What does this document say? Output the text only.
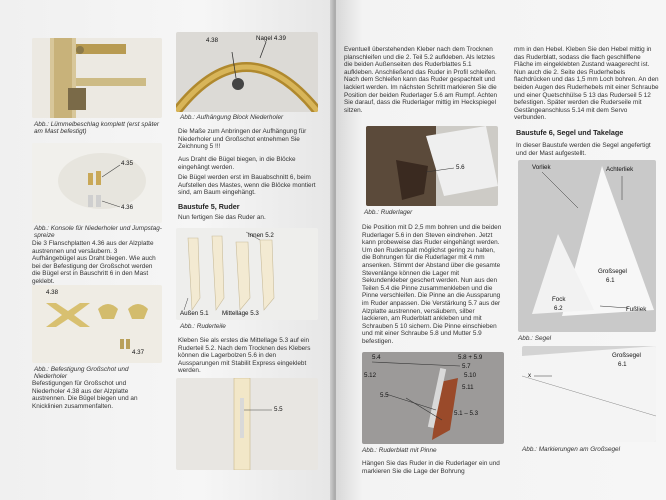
Abb.: Lümmelbeschlag komplett (erst später am Mast befestigt)
4.35
4.36
Abb.: Konsole für Niederholer und Jumpstag-spreize
Die 3 Flanschplatten 4.36 aus der Alzplatte austrennen und versäubern. 3 Aufhängebügel aus Draht biegen. Wie auch bei der Befestigung der Großschot werden die Bügel erst in Bauschritt 6 in den Mast geklebt.
4.38
4.37
Abb.: Befestigung Großschot und Niederholer
Befestigungen für Großschot und Niederholer 4.38 aus der Alzplatte austrennen. Die Bügel biegen und an Knicklinien zusammenfalten.
4.38	Nagel 4.39
Abb.: Aufhängung Block Niederholer
Die Maße zum Anbringen der Aufhängung für Niederholer und Großschot entnehmen Sie Zeichnung 5 !!!
Aus Draht die Bügel biegen, in die Blöcke eingehängt werden.
Die Bügel werden erst im Bauabschnitt 6, beim Aufstellen des Mastes, wenn die Blöcke montiert sind, am Baum eingehängt.
Baustufe 5, Ruder
Nun fertigen Sie das Ruder an.
Innen 5.2
Außen 5.1 Mittellage 5.3
Abb.: Ruderteile
Kleben Sie als erstes die Mittellage 5.3 auf ein Ruderteil 5.2. Nach dem Trocknen des Klebers können die Lagerbolzen 5.6 in den Aussparungen mit Stabilit Express eingeklebt werden.
5.5
Eventuell überstehenden Kleber nach dem Trocknen planschleifen und die 2. Teil 5.2 aufkleben. Als letztes die beiden Außenseiten des Ruderblattes 5.1 aufkleben. Anschließend das Ruder in Profil schleifen. Nach dem Schleifen kann das Ruder gespachtelt und lackiert werden. Im nächsten Schritt markieren Sie die Position der beiden Ruderlager 5.6 am Rumpf. Achten Sie darauf, dass die Ruderlager mittig im Heckspiegel sitzen.
5.6
Abb.: Ruderlager
Die Position mit D 2,5 mm bohren und die beiden Ruderlager 5.6 in den Steven eindrehen. Jetzt kann probeweise das Ruder eingehängt werden. Um den Ruderspalt möglichst gering zu halten, die Bohrungen für die Ruderlager mit 4 mm ansenken. Stimmt der Abstand über die gesamte Stevenlänge können die Lager mit Sekundenkleber geschert werden. Nun aus den Teilen 5.4 die Pinne zusammenkleben und die Pinne verschleifen. Die Pinne an die Aussparung im Ruder anpassen. Die Verstärkung 5.7 aus der Alzplatte austrennen, versäubern, silber lackieren, am Ruderblatt ankleben und mit Schrauben 5 10 sichern. Die Pinne einschieben und mit einer Schraube 5.8 und Mutter 5.9 befestigen.
5.4	5.8 + 5.9
5.7
5.10
5.12
5.11
5.5
5.1 – 5.3
Abb.: Ruderblatt mit Pinne
Hängen Sie das Ruder in die Ruderlager ein und markieren Sie die Lage der Bohrung
mm in den Hebel. Kleben Sie den Hebel mittig in das Ruderblatt, sodass die flach geschliffene Fläche im eingeklebten Zustand waagerecht ist. Nun auch die 2. Seite des Ruderhebels flachdrücken und das 1,5 mm Loch bohren. An den beiden Augen des Ruderhebels mit einer Schraube und einer Quetschhülse 5 13 das Ruderseil 5 12 befestigen. Später werden die Ruderseile mit Gestängeanschluss 5.14 mit dem Servo verbunden.
Baustufe 6, Segel und Takelage
In dieser Baustufe werden die Segel angefertigt und der Mast aufgestellt.
Vorliek	Achterliek
Großsegel
6.1
Fock
6.2	Fußliek
Abb.: Segel
Großsegel
6.1
x
Abb.: Markierungen am Großsegel
